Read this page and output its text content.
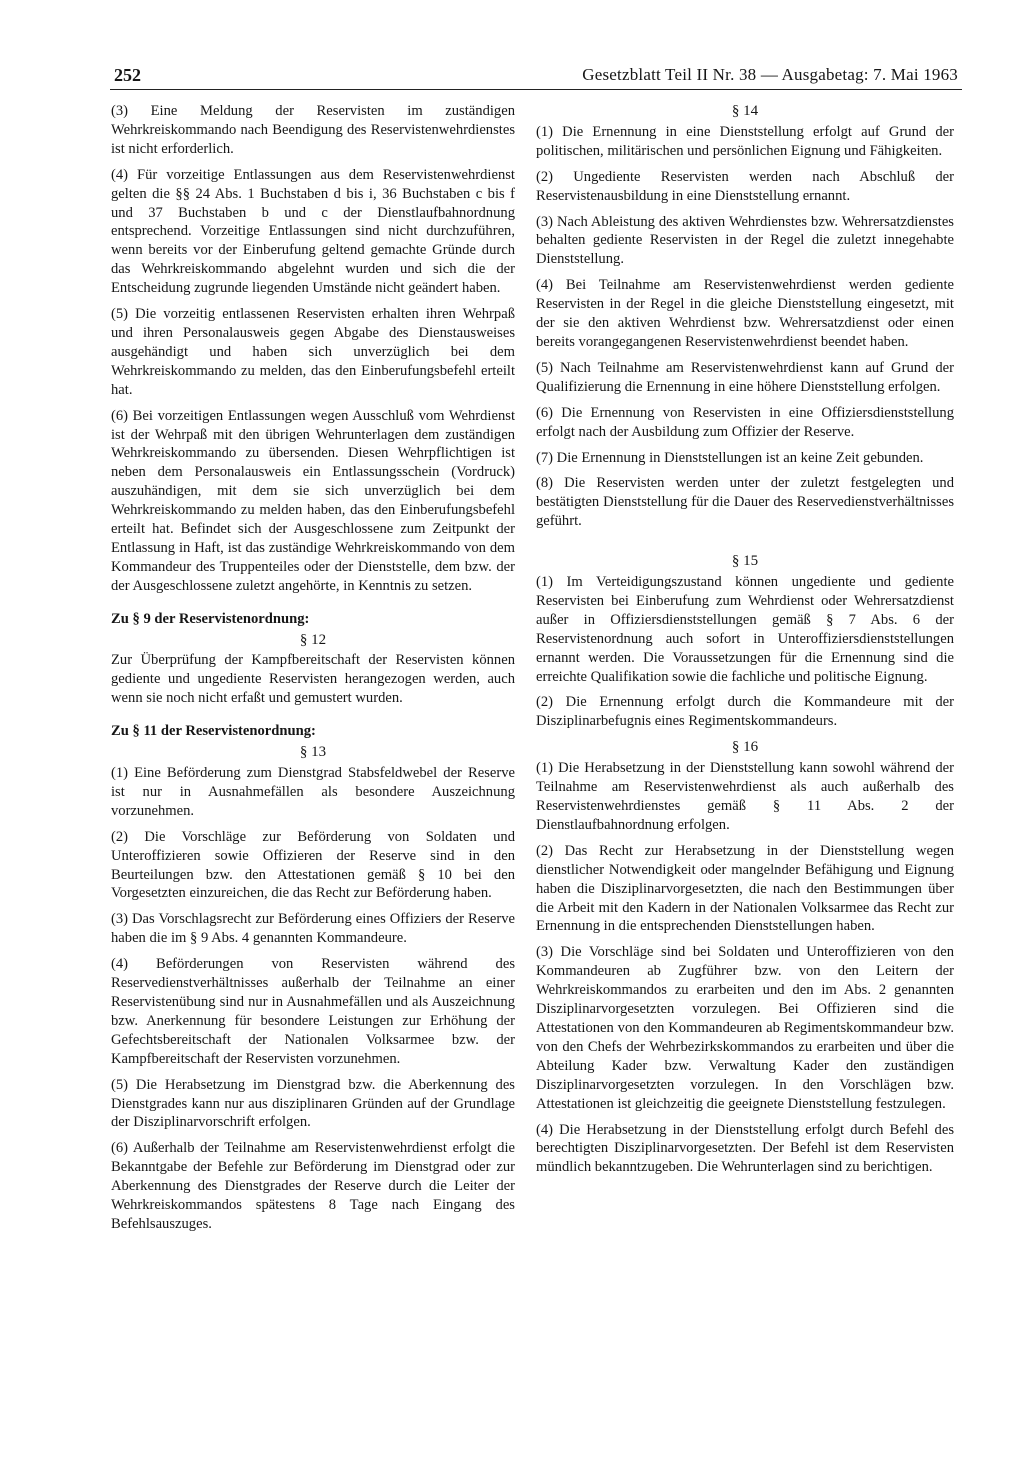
252	Gesetzblatt Teil II Nr. 38 — Ausgabetag: 7. Mai 1963

(3) Eine Meldung der Reservisten im zuständigen Wehrkreiskommando nach Beendigung des Reservistenwehrdienstes ist nicht erforderlich.

(4) Für vorzeitige Entlassungen aus dem Reservistenwehrdienst gelten die §§ 24 Abs. 1 Buchstaben d bis i, 36 Buchstaben c bis f und 37 Buchstaben b und c der Dienstlaufbahnordnung entsprechend. Vorzeitige Entlassungen sind nicht durchzuführen, wenn bereits vor der Einberufung geltend gemachte Gründe durch das Wehrkreiskommando abgelehnt wurden und sich die der Entscheidung zugrunde liegenden Umstände nicht geändert haben.

(5) Die vorzeitig entlassenen Reservisten erhalten ihren Wehrpaß und ihren Personalausweis gegen Abgabe des Dienstausweises ausgehändigt und haben sich unverzüglich bei dem Wehrkreiskommando zu melden, das den Einberufungsbefehl erteilt hat.

(6) Bei vorzeitigen Entlassungen wegen Ausschluß vom Wehrdienst ist der Wehrpaß mit den übrigen Wehrunterlagen dem zuständigen Wehrkreiskommando zu übersenden. Diesen Wehrpflichtigen ist neben dem Personalausweis ein Entlassungsschein (Vordruck) auszuhändigen, mit dem sie sich unverzüglich bei dem Wehrkreiskommando zu melden haben, das den Einberufungsbefehl erteilt hat. Befindet sich der Ausgeschlossene zum Zeitpunkt der Entlassung in Haft, ist das zuständige Wehrkreiskommando von dem Kommandeur des Truppenteiles oder der Dienststelle, dem bzw. der der Ausgeschlossene zuletzt angehörte, in Kenntnis zu setzen.

Zu § 9 der Reservistenordnung:
§ 12

Zur Überprüfung der Kampfbereitschaft der Reservisten können gediente und ungediente Reservisten herangezogen werden, auch wenn sie noch nicht erfaßt und gemustert wurden.

Zu § 11 der Reservistenordnung:
§ 13

(1) Eine Beförderung zum Dienstgrad Stabsfeldwebel der Reserve ist nur in Ausnahmefällen als besondere Auszeichnung vorzunehmen.

(2) Die Vorschläge zur Beförderung von Soldaten und Unteroffizieren sowie Offizieren der Reserve sind in den Beurteilungen bzw. den Attestationen gemäß § 10 bei den Vorgesetzten einzureichen, die das Recht zur Beförderung haben.

(3) Das Vorschlagsrecht zur Beförderung eines Offiziers der Reserve haben die im § 9 Abs. 4 genannten Kommandeure.

(4) Beförderungen von Reservisten während des Reservedienstverhältnisses außerhalb der Teilnahme an einer Reservistenübung sind nur in Ausnahmefällen und als Auszeichnung bzw. Anerkennung für besondere Leistungen zur Erhöhung der Gefechtsbereitschaft der Nationalen Volksarmee bzw. der Kampfbereitschaft der Reservisten vorzunehmen.

(5) Die Herabsetzung im Dienstgrad bzw. die Aberkennung des Dienstgrades kann nur aus disziplinaren Gründen auf der Grundlage der Disziplinarvorschrift erfolgen.

(6) Außerhalb der Teilnahme am Reservistenwehrdienst erfolgt die Bekanntgabe der Befehle zur Beförderung im Dienstgrad oder zur Aberkennung des Dienstgrades der Reserve durch die Leiter der Wehrkreiskommandos spätestens 8 Tage nach Eingang des Befehlsauszuges.

§ 14

(1) Die Ernennung in eine Dienststellung erfolgt auf Grund der politischen, militärischen und persönlichen Eignung und Fähigkeiten.

(2) Ungediente Reservisten werden nach Abschluß der Reservistenausbildung in eine Dienststellung ernannt.

(3) Nach Ableistung des aktiven Wehrdienstes bzw. Wehrersatzdienstes behalten gediente Reservisten in der Regel die zuletzt innegehabte Dienststellung.

(4) Bei Teilnahme am Reservistenwehrdienst werden gediente Reservisten in der Regel in die gleiche Dienststellung eingesetzt, mit der sie den aktiven Wehrdienst bzw. Wehrersatzdienst oder einen bereits vorangegangenen Reservistenwehrdienst beendet haben.

(5) Nach Teilnahme am Reservistenwehrdienst kann auf Grund der Qualifizierung die Ernennung in eine höhere Dienststellung erfolgen.

(6) Die Ernennung von Reservisten in eine Offiziersdienststellung erfolgt nach der Ausbildung zum Offizier der Reserve.

(7) Die Ernennung in Dienststellungen ist an keine Zeit gebunden.

(8) Die Reservisten werden unter der zuletzt festgelegten und bestätigten Dienststellung für die Dauer des Reservedienstverhältnisses geführt.

§ 15

(1) Im Verteidigungszustand können ungediente und gediente Reservisten bei Einberufung zum Wehrdienst oder Wehrersatzdienst außer in Offiziersdienststellungen gemäß § 7 Abs. 6 der Reservistenordnung auch sofort in Unteroffiziersdienststellungen ernannt werden. Die Voraussetzungen für die Ernennung sind die erreichte Qualifikation sowie die fachliche und politische Eignung.

(2) Die Ernennung erfolgt durch die Kommandeure mit der Disziplinarbefugnis eines Regimentskommandeurs.

§ 16

(1) Die Herabsetzung in der Dienststellung kann sowohl während der Teilnahme am Reservistenwehrdienst als auch außerhalb des Reservistenwehrdienstes gemäß § 11 Abs. 2 der Dienstlaufbahnordnung erfolgen.

(2) Das Recht zur Herabsetzung in der Dienststellung wegen dienstlicher Notwendigkeit oder mangelnder Befähigung und Eignung haben die Disziplinarvorgesetzten, die nach den Bestimmungen über die Arbeit mit den Kadern in der Nationalen Volksarmee das Recht zur Ernennung in die entsprechenden Dienststellungen haben.

(3) Die Vorschläge sind bei Soldaten und Unteroffizieren von den Kommandeuren ab Zugführer bzw. von den Leitern der Wehrkreiskommandos zu erarbeiten und den im Abs. 2 genannten Disziplinarvorgesetzten vorzulegen. Bei Offizieren sind die Attestationen von den Kommandeuren ab Regimentskommandeur bzw. von den Chefs der Wehrbezirkskommandos zu erarbeiten und über die Abteilung Kader bzw. Verwaltung Kader den zuständigen Disziplinarvorgesetzten vorzulegen. In den Vorschlägen bzw. Attestationen ist gleichzeitig die geeignete Dienststellung festzulegen.

(4) Die Herabsetzung in der Dienststellung erfolgt durch Befehl des berechtigten Disziplinarvorgesetzten. Der Befehl ist dem Reservisten mündlich bekanntzugeben. Die Wehrunterlagen sind zu berichtigen.
